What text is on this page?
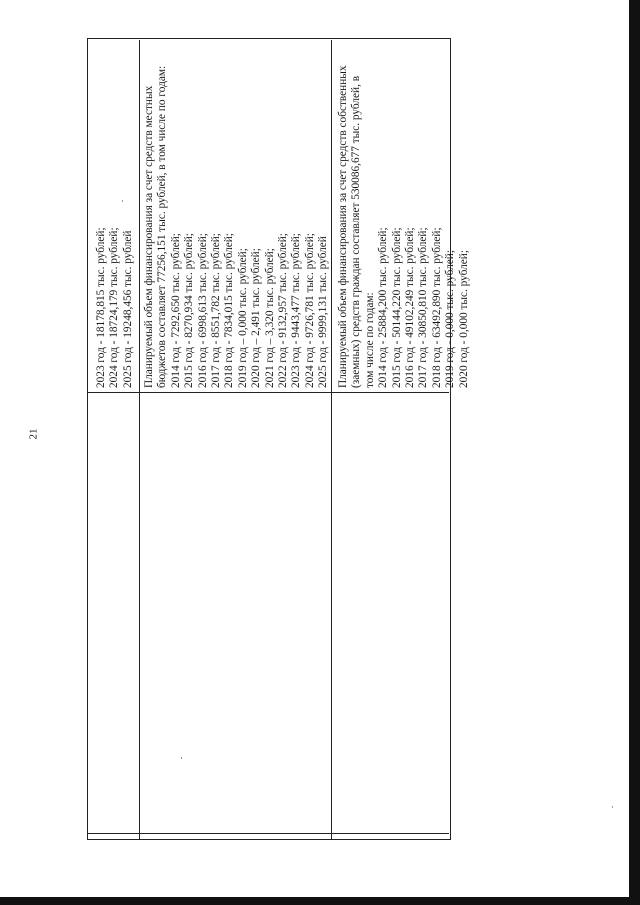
21
2023 год - 18178,815 тыс. рублей; 2024 год - 18724,179 тыс. рублей; 2025 год - 19248,456 тыс. рублей Планируемый объем финансирования за счет средств местных бюджетов составляет 77256,151 тыс. рублей, в том числе по годам: 2014 год - 7292,650 тыс. рублей; 2015 год - 8270,934 тыс. рублей; 2016 год - 6998,613 тыс. рублей; 2017 год - 8551,782 тыс. рублей; 2018 год - 7834,015 тыс. рублей; 2019 год – 0,000 тыс. рублей; 2020 год – 2,491 тыс. рублей; 2021 год – 3,320 тыс. рублей; 2022 год - 9132,957 тыс. рублей; 2023 год - 9443,477 тыс. рублей; 2024 год - 9726,781 тыс. рублей; 2025 год - 9999,131 тыс. рублей Планируемый объем финансирования за счет средств собственных (заемных) средств граждан составляет 530086,677 тыс. рублей, в том числе по годам: 2014 год - 25884,200 тыс. рублей; 2015 год - 50144,220 тыс. рублей; 2016 год - 49102,249 тыс. рублей; 2017 год - 30850,810 тыс. рублей; 2018 год - 63492,890 тыс. рублей; 2019 год - 0,000 тыс. рублей; 2020 год - 0,000 тыс. рублей;
